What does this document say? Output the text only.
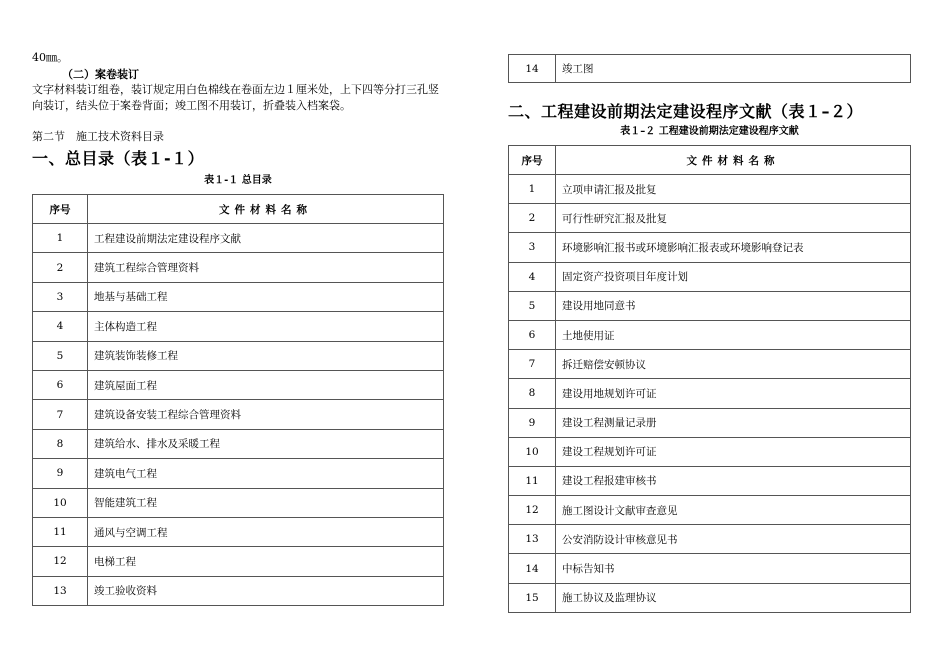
40㎜。
（二）案卷装订
文字材料装订组卷，装订规定用白色棉线在卷面左边１厘米处，上下四等分打三孔竖向装订，结头位于案卷背面；竣工图不用装订，折叠装入档案袋。
第二节　施工技术资料目录
一、总目录（表１-１）
表１-１ 总目录
序号	文件材料名称
1	工程建设前期法定建设程序文献
2	建筑工程综合管理资料
3	地基与基础工程
4	主体构造工程
5	建筑装饰装修工程
6	建筑屋面工程
7	建筑设备安装工程综合管理资料
8	建筑给水、排水及采暖工程
9	建筑电气工程
10	智能建筑工程
11	通风与空调工程
12	电梯工程
13	竣工验收资料
14	竣工图
二、工程建设前期法定建设程序文献（表１–２）
表１–２ 工程建设前期法定建设程序文献
序号	文件材料名称
1	立项申请汇报及批复
2	可行性研究汇报及批复
3	环境影响汇报书或环境影响汇报表或环境影响登记表
4	固定资产投资项目年度计划
5	建设用地同意书
6	土地使用证
7	拆迁赔偿安顿协议
8	建设用地规划许可证
9	建设工程测量记录册
10	建设工程规划许可证
11	建设工程报建审核书
12	施工图设计文献审查意见
13	公安消防设计审核意见书
14	中标告知书
15	施工协议及监理协议
